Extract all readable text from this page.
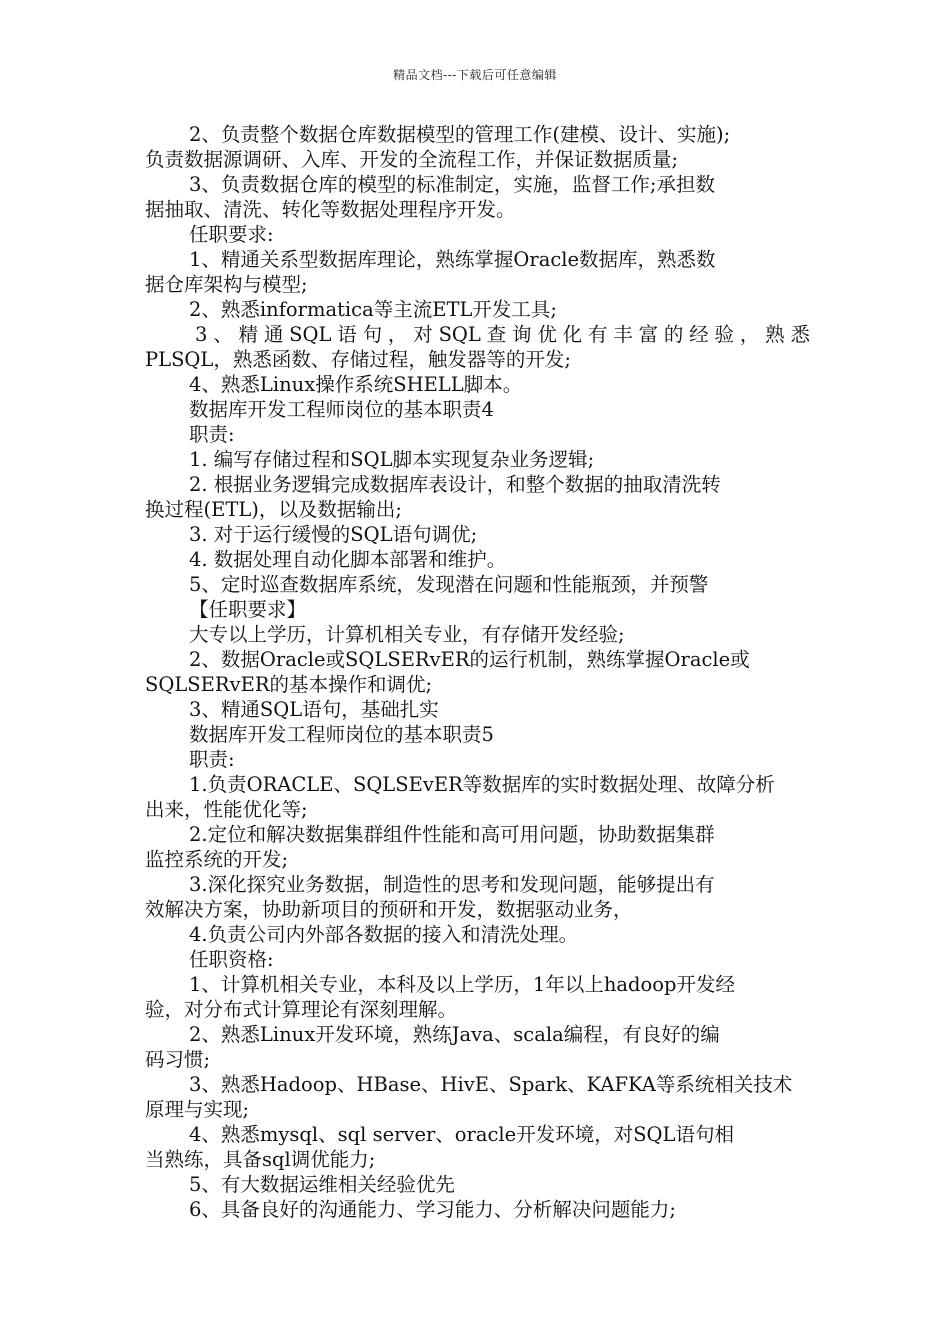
精品文档---下载后可任意编辑
2、负责整个数据仓库数据模型的管理工作(建模、设计、实施);
负责数据源调研、入库、开发的全流程工作，并保证数据质量;
3、负责数据仓库的模型的标准制定，实施，监督工作;承担数
据抽取、清洗、转化等数据处理程序开发。
任职要求:
1、精通关系型数据库理论，熟练掌握Oracle数据库，熟悉数
据仓库架构与模型;
2、熟悉informatica等主流ETL开发工具;
3、精通SQL语句，对SQL查询优化有丰富的经验，熟悉
PLSQL，熟悉函数、存储过程，触发器等的开发;
4、熟悉Linux操作系统SHELL脚本。
数据库开发工程师岗位的基本职责4
职责:
1. 编写存储过程和SQL脚本实现复杂业务逻辑;
2. 根据业务逻辑完成数据库表设计，和整个数据的抽取清洗转
换过程(ETL)，以及数据输出;
3. 对于运行缓慢的SQL语句调优;
4. 数据处理自动化脚本部署和维护。
5、定时巡查数据库系统，发现潜在问题和性能瓶颈，并预警
【任职要求】
大专以上学历，计算机相关专业，有存储开发经验;
2、数据Oracle或SQLSERvER的运行机制，熟练掌握Oracle或
SQLSERvER的基本操作和调优;
3、精通SQL语句，基础扎实
数据库开发工程师岗位的基本职责5
职责:
1.负责ORACLE、SQLSEvER等数据库的实时数据处理、故障分析
出来，性能优化等;
2.定位和解决数据集群组件性能和高可用问题，协助数据集群
监控系统的开发;
3.深化探究业务数据，制造性的思考和发现问题，能够提出有
效解决方案，协助新项目的预研和开发，数据驱动业务，
4.负责公司内外部各数据的接入和清洗处理。
任职资格:
1、计算机相关专业，本科及以上学历，1年以上hadoop开发经
验，对分布式计算理论有深刻理解。
2、熟悉Linux开发环境，熟练Java、scala编程，有良好的编
码习惯;
3、熟悉Hadoop、HBase、HivE、Spark、KAFKA等系统相关技术
原理与实现;
4、熟悉mysql、sql server、oracle开发环境，对SQL语句相
当熟练，具备sql调优能力;
5、有大数据运维相关经验优先
6、具备良好的沟通能力、学习能力、分析解决问题能力;
